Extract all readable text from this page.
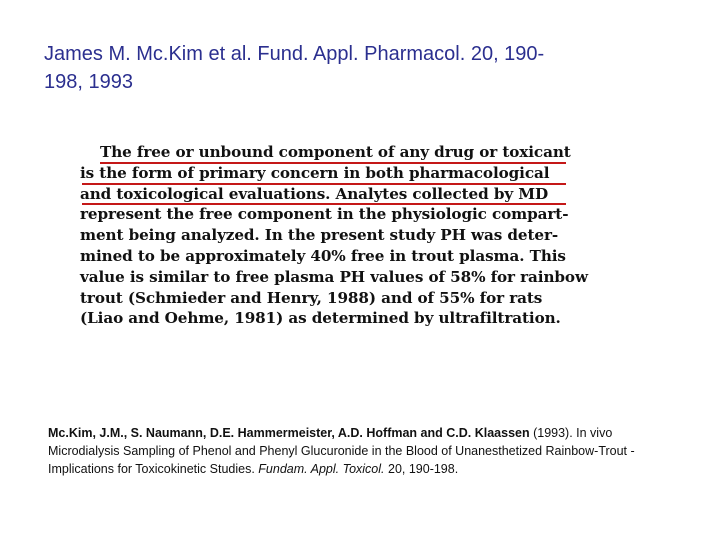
James M. Mc.Kim et al. Fund. Appl. Pharmacol. 20, 190-
198, 1993
The free or unbound component of any drug or toxicant
is the form of primary concern in both pharmacological
and toxicological evaluations. Analytes collected by MD
represent the free component in the physiologic compart-
ment being analyzed. In the present study PH was deter-
mined to be approximately 40% free in trout plasma. This
value is similar to free plasma PH values of 58% for rainbow
trout (Schmieder and Henry, 1988) and of 55% for rats
(Liao and Oehme, 1981) as determined by ultrafiltration.
Mc.Kim, J.M., S. Naumann, D.E. Hammermeister, A.D. Hoffman and C.D. Klaassen (1993). In vivo Microdialysis Sampling of Phenol and Phenyl Glucuronide in the Blood of Unanesthetized Rainbow-Trout - Implications for Toxicokinetic Studies. Fundam. Appl. Toxicol. 20, 190-198.
